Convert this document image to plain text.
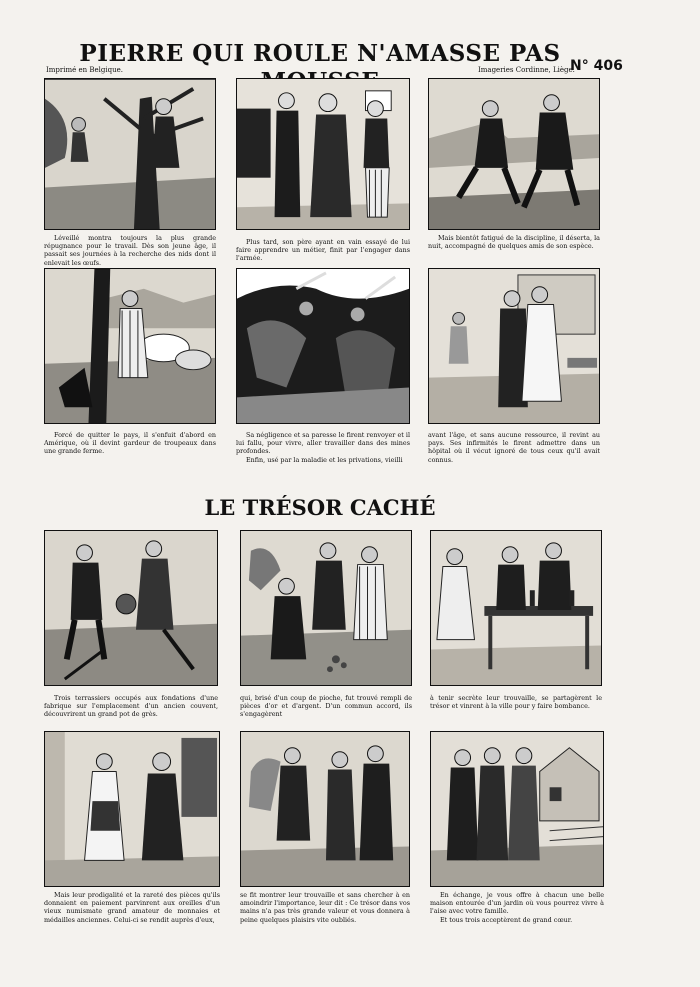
PIERRE QUI ROULE N'AMASSE PAS
Imprimé en Belgique.	Imageries Cordinne, Liège.
N° 406

Léveillé montra toujours la plus grande répugnance pour le travail. Dès son jeune âge, il passait ses journées à la recherche des nids dont il enlevait les œufs.

Plus tard, son père ayant en vain essayé de lui faire apprendre un métier, finit par l'engager dans l'armée.

Mais bientôt fatigué de la discipline, il déserta, la nuit, accompagné de quelques amis de son espèce.

Forcé de quitter le pays, il s'enfuit d'abord en Amérique, où il devint gardeur de troupeaux dans une grande ferme.

Sa négligence et sa paresse le firent renvoyer et il lui fallu, pour vivre, aller travailler dans des mines profondes.

Enfin, usé par la maladie et les privations, vieilli

avant l'âge, et sans aucune ressource, il revint au pays. Ses infirmités le firent admettre dans un hôpital où il vécut ignoré de tous ceux qu'il avait connus.

LE TRÉSOR CACHÉ

Trois terrassiers occupés aux fondations d'une fabrique sur l'emplacement d'un ancien couvent, découvrirent un grand pot de grès.

qui, brisé d'un coup de pioche, fut trouvé rempli de pièces d'or et d'argent. D'un commun accord, ils s'engagèrent

à tenir secrète leur trouvaille, se partagèrent le trésor et vinrent à la ville pour y faire bombance.

Mais leur prodigalité et la rareté des pièces qu'ils donnaient en paiement parvinrent aux oreilles d'un vieux numismate grand amateur de monnaies et médailles anciennes. Celui-ci se rendit auprès d'eux,

se fit montrer leur trouvaille et sans chercher à en amoindrir l'importance, leur dit : Ce trésor dans vos mains n'a pas très grande valeur et vous donnera à peine quelques plaisirs vite oubliés.

En échange, je vous offre à chacun une belle maison entourée d'un jardin où vous pourrez vivre à l'aise avec votre famille.

Et tous trois acceptèrent de grand cœur.
